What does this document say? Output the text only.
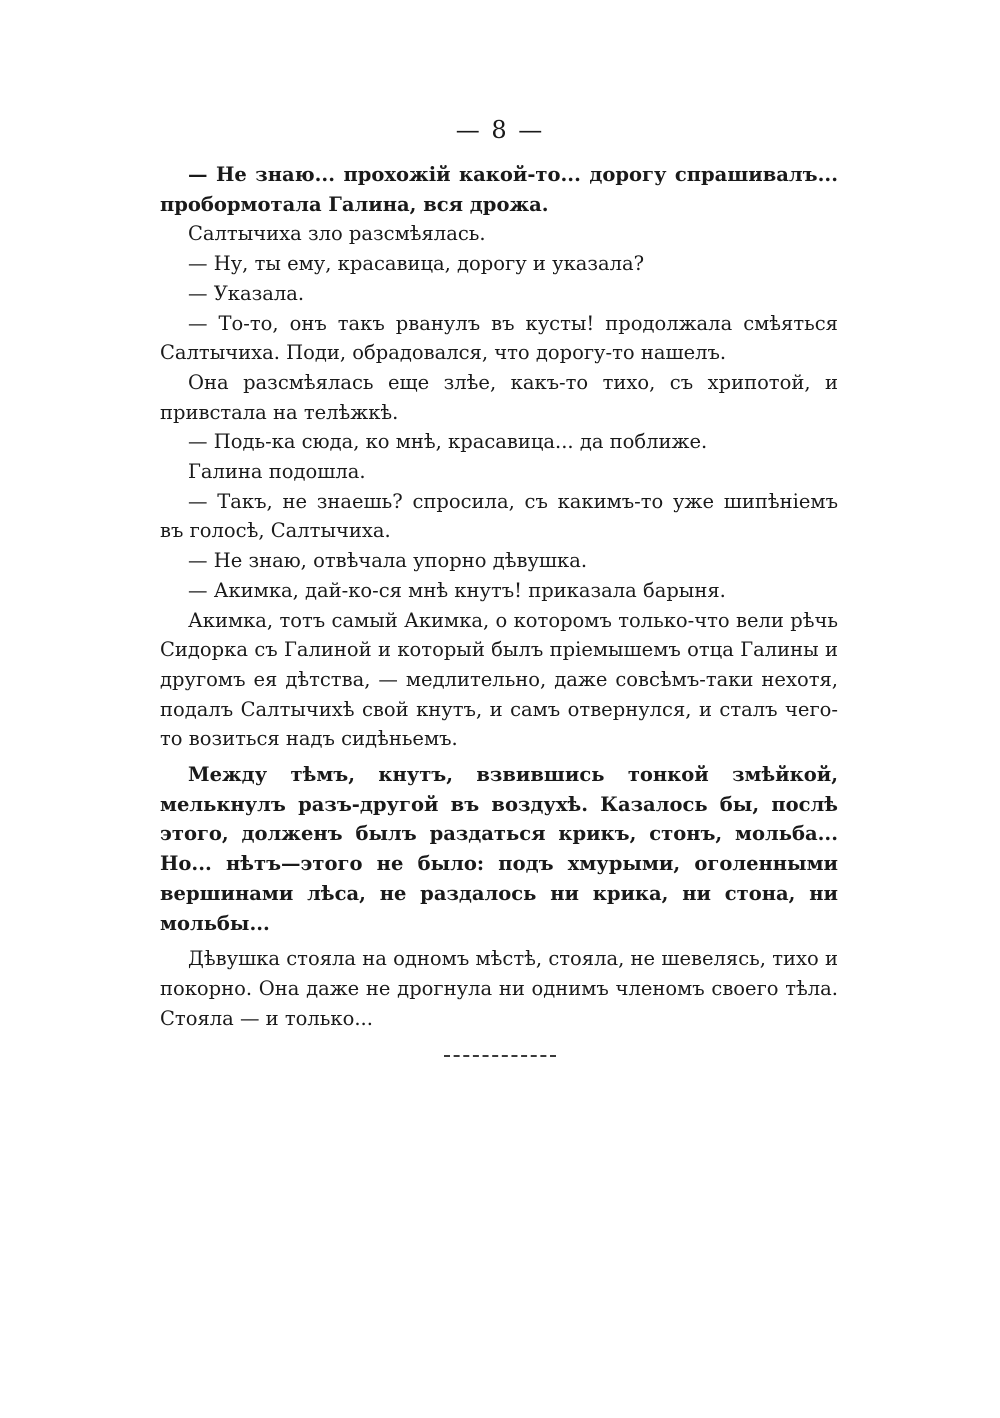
— 8 —

— Не знаю... прохожій какой-то... дорогу спрашивалъ... пробормотала Галина, вся дрожа.

Салтычиха зло разсмѣялась.

— Ну, ты ему, красавица, дорогу и указала?

— Указала.

— То-то, онъ такъ рванулъ въ кусты! продолжала смѣяться Салтычиха. Поди, обрадовался, что дорогу-то нашелъ.

Она разсмѣялась еще злѣе, какъ-то тихо, съ хрипотой, и привстала на телѣжкѣ.

— Подь-ка сюда, ко мнѣ, красавица... да поближе.

Галина подошла.

— Такъ, не знаешь? спросила, съ какимъ-то уже шипѣніемъ въ голосѣ, Салтычиха.

— Не знаю, отвѣчала упорно дѣвушка.

— Акимка, дай-ко-ся мнѣ кнутъ! приказала барыня.

Акимка, тотъ самый Акимка, о которомъ только-что вели рѣчь Сидорка съ Галиной и который былъ пріемышемъ отца Галины и другомъ ея дѣтства, — медлительно, даже совсѣмъ-таки нехотя, подалъ Салтычихѣ свой кнутъ, и самъ отвернулся, и сталъ чего-то возиться надъ сидѣньемъ.

Между тѣмъ, кнутъ, взвившись тонкой змѣйкой, мелькнулъ разъ-другой въ воздухѣ. Казалось бы, послѣ этого, долженъ былъ раздаться крикъ, стонъ, мольба... Но... нѣтъ—этого не было: подъ хмурыми, оголенными вершинами лѣса, не раздалось ни крика, ни стона, ни мольбы...

Дѣвушка стояла на одномъ мѣстѣ, стояла, не шевелясь, тихо и покорно. Она даже не дрогнула ни однимъ членомъ своего тѣла. Стояла — и только...
